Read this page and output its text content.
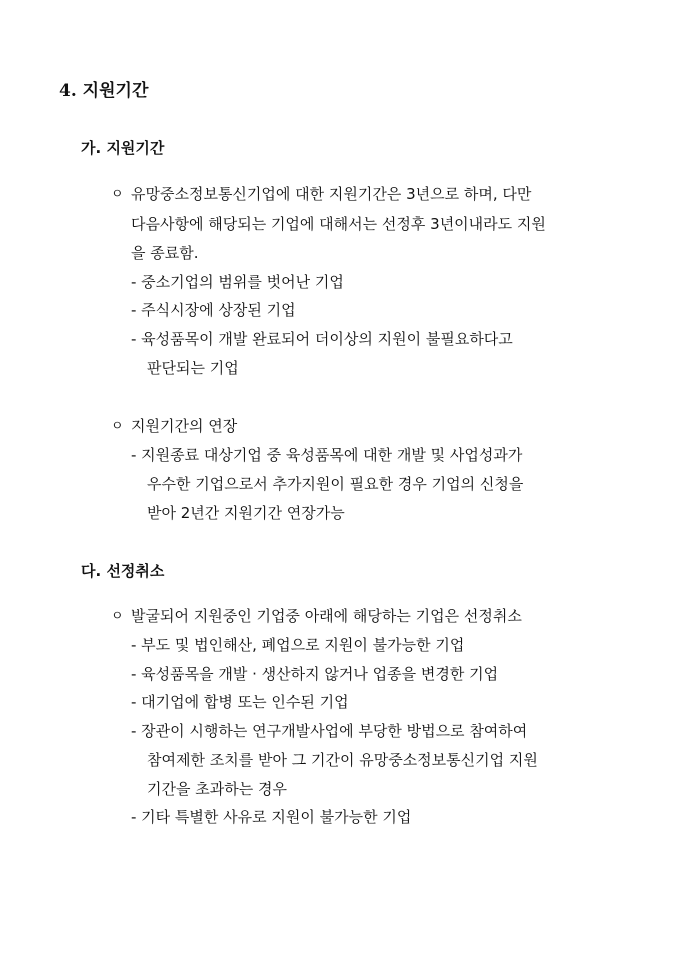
4. 지원기간
가. 지원기간
ㅇ 유망중소정보통신기업에 대한 지원기간은 3년으로 하며, 다만
다음사항에 해당되는 기업에 대해서는 선정후 3년이내라도 지원
을 종료함.
- 중소기업의 범위를 벗어난 기업
- 주식시장에 상장된 기업
- 육성품목이 개발 완료되어 더이상의 지원이 불필요하다고
판단되는 기업
ㅇ 지원기간의 연장
- 지원종료 대상기업 중 육성품목에 대한 개발 및 사업성과가
우수한 기업으로서 추가지원이 필요한 경우 기업의 신청을
받아 2년간 지원기간 연장가능
다. 선정취소
ㅇ 발굴되어 지원중인 기업중 아래에 해당하는 기업은 선정취소
- 부도 및 법인해산, 폐업으로 지원이 불가능한 기업
- 육성품목을 개발 · 생산하지 않거나 업종을 변경한 기업
- 대기업에 합병 또는 인수된 기업
- 장관이 시행하는 연구개발사업에 부당한 방법으로 참여하여
참여제한 조치를 받아 그 기간이 유망중소정보통신기업 지원
기간을 초과하는 경우
- 기타 특별한 사유로 지원이 불가능한 기업
